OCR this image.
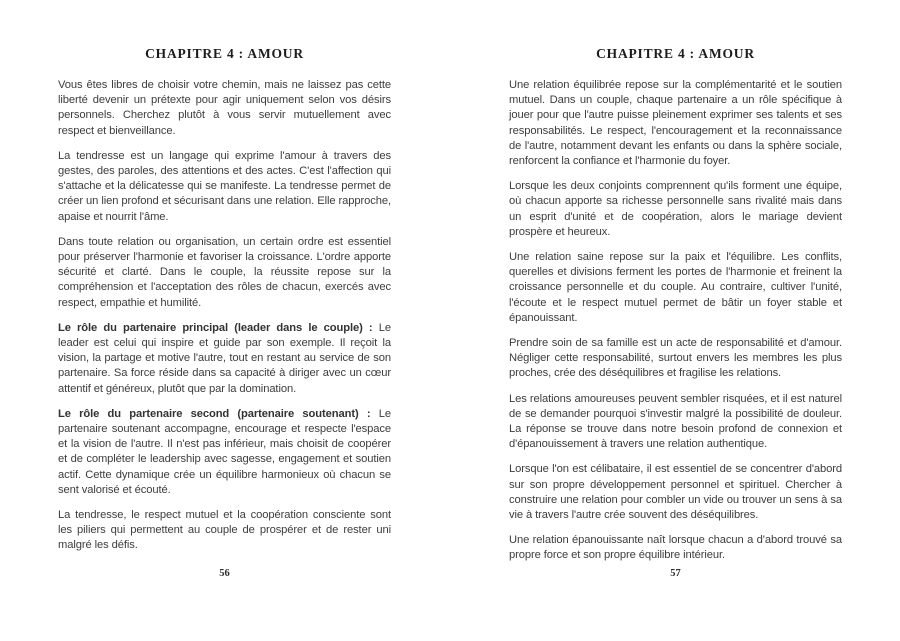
CHAPITRE 4 : AMOUR

Vous êtes libres de choisir votre chemin, mais ne laissez pas cette liberté devenir un prétexte pour agir uniquement selon vos désirs personnels. Cherchez plutôt à vous servir mutuellement avec respect et bienveillance.

La tendresse est un langage qui exprime l'amour à travers des gestes, des paroles, des attentions et des actes. C'est l'affection qui s'attache et la délicatesse qui se manifeste. La tendresse permet de créer un lien profond et sécurisant dans une relation. Elle rapproche, apaise et nourrit l'âme.

Dans toute relation ou organisation, un certain ordre est essentiel pour préserver l'harmonie et favoriser la croissance. L'ordre apporte sécurité et clarté. Dans le couple, la réussite repose sur la compréhension et l'acceptation des rôles de chacun, exercés avec respect, empathie et humilité.

Le rôle du partenaire principal (leader dans le couple) : Le leader est celui qui inspire et guide par son exemple. Il reçoit la vision, la partage et motive l'autre, tout en restant au service de son partenaire. Sa force réside dans sa capacité à diriger avec un cœur attentif et généreux, plutôt que par la domination.

Le rôle du partenaire second (partenaire soutenant) : Le partenaire soutenant accompagne, encourage et respecte l'espace et la vision de l'autre. Il n'est pas inférieur, mais choisit de coopérer et de compléter le leadership avec sagesse, engagement et soutien actif. Cette dynamique crée un équilibre harmonieux où chacun se sent valorisé et écouté.

La tendresse, le respect mutuel et la coopération consciente sont les piliers qui permettent au couple de prospérer et de rester uni malgré les défis.

56
CHAPITRE 4 : AMOUR

Une relation équilibrée repose sur la complémentarité et le soutien mutuel. Dans un couple, chaque partenaire a un rôle spécifique à jouer pour que l'autre puisse pleinement exprimer ses talents et ses responsabilités. Le respect, l'encouragement et la reconnaissance de l'autre, notamment devant les enfants ou dans la sphère sociale, renforcent la confiance et l'harmonie du foyer.

Lorsque les deux conjoints comprennent qu'ils forment une équipe, où chacun apporte sa richesse personnelle sans rivalité mais dans un esprit d'unité et de coopération, alors le mariage devient prospère et heureux.

Une relation saine repose sur la paix et l'équilibre. Les conflits, querelles et divisions ferment les portes de l'harmonie et freinent la croissance personnelle et du couple. Au contraire, cultiver l'unité, l'écoute et le respect mutuel permet de bâtir un foyer stable et épanouissant.

Prendre soin de sa famille est un acte de responsabilité et d'amour. Négliger cette responsabilité, surtout envers les membres les plus proches, crée des déséquilibres et fragilise les relations.

Les relations amoureuses peuvent sembler risquées, et il est naturel de se demander pourquoi s'investir malgré la possibilité de douleur. La réponse se trouve dans notre besoin profond de connexion et d'épanouissement à travers une relation authentique.

Lorsque l'on est célibataire, il est essentiel de se concentrer d'abord sur son propre développement personnel et spirituel. Chercher à construire une relation pour combler un vide ou trouver un sens à sa vie à travers l'autre crée souvent des déséquilibres.

Une relation épanouissante naît lorsque chacun a d'abord trouvé sa propre force et son propre équilibre intérieur.

57
